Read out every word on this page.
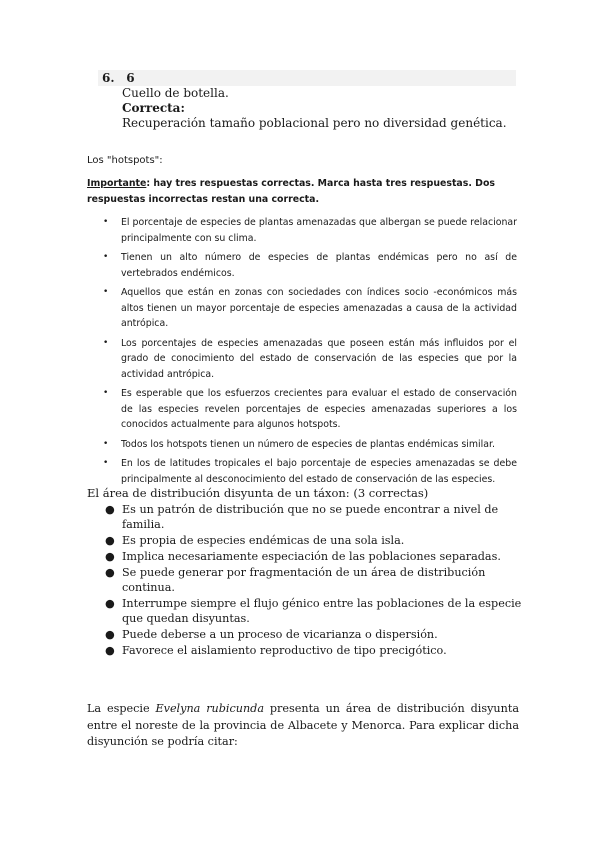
6. 6
Cuello de botella.
Correcta:
Recuperación tamaño poblacional pero no diversidad genética.
Los "hotspots":
Importante: hay tres respuestas correctas. Marca hasta tres respuestas. Dos respuestas incorrectas restan una correcta.
• El porcentaje de especies de plantas amenazadas que albergan se puede relacionar principalmente con su clima.
• Tienen un alto número de especies de plantas endémicas pero no así de vertebrados endémicos.
• Aquellos que están en zonas con sociedades con índices socio -económicos más altos tienen un mayor porcentaje de especies amenazadas a causa de la actividad antrópica.
• Los porcentajes de especies amenazadas que poseen están más influidos por el grado de conocimiento del estado de conservación de las especies que por la actividad antrópica.
• Es esperable que los esfuerzos crecientes para evaluar el estado de conservación de las especies revelen porcentajes de especies amenazadas superiores a los conocidos actualmente para algunos hotspots.
• Todos los hotspots tienen un número de especies de plantas endémicas similar.
• En los de latitudes tropicales el bajo porcentaje de especies amenazadas se debe principalmente al desconocimiento del estado de conservación de las especies.
El área de distribución disyunta de un táxon: (3 correctas)
● Es un patrón de distribución que no se puede encontrar a nivel de familia.
● Es propia de especies endémicas de una sola isla.
● Implica necesariamente especiación de las poblaciones separadas.
● Se puede generar por fragmentación de un área de distribución continua.
● Interrumpe siempre el flujo génico entre las poblaciones de la especie que quedan disyuntas.
● Puede deberse a un proceso de vicarianza o dispersión.
● Favorece el aislamiento reproductivo de tipo precigótico.
La especie Evelyna rubicunda presenta un área de distribución disyunta entre el noreste de la provincia de Albacete y Menorca. Para explicar dicha disyunción se podría citar:
